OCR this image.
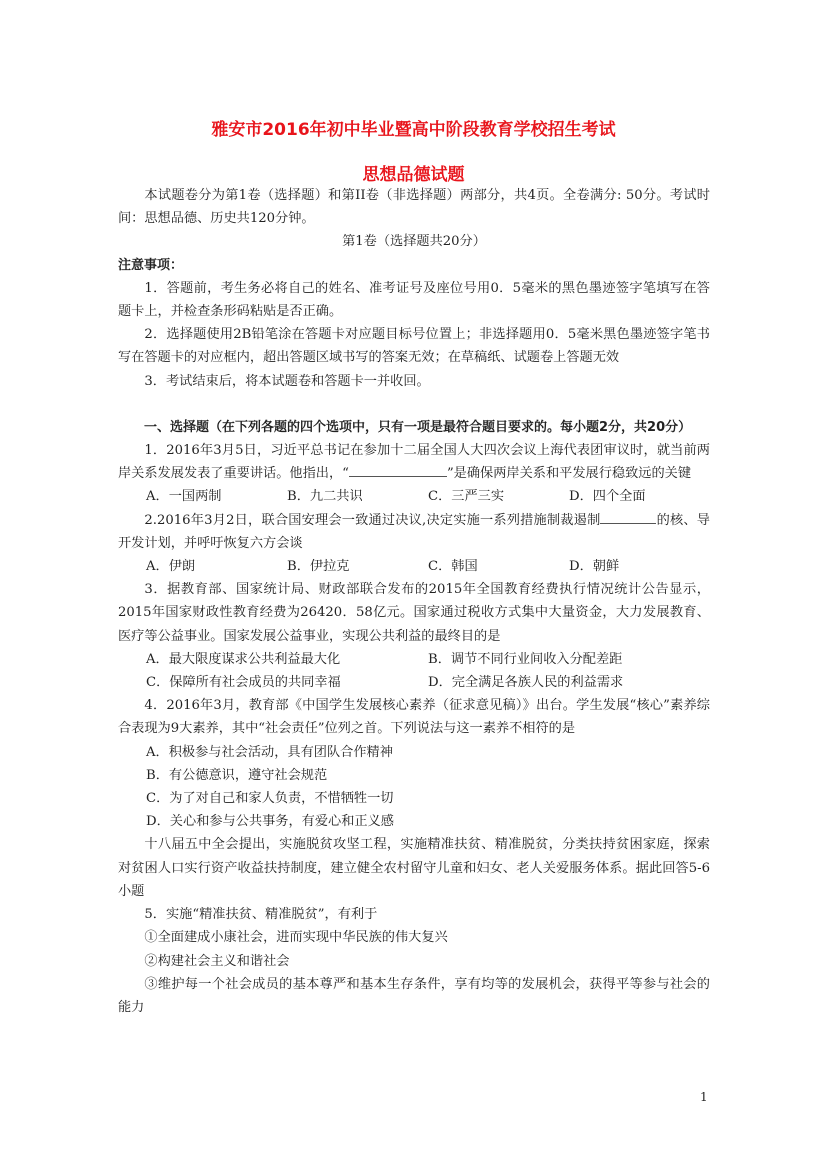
雅安市2016年初中毕业暨高中阶段教育学校招生考试
思想品德试题

本试题卷分为第1卷（选择题）和第II卷（非选择题）两部分，共4页。全卷满分: 50分。考试时间：思想品德、历史共120分钟。

第1卷（选择题共20分）

注意事项：

1．答题前，考生务必将自己的姓名、准考证号及座位号用0．5毫米的黑色墨迹签字笔填写在答题卡上，并检查条形码粘贴是否正确。

2．选择题使用2B铅笔涂在答题卡对应题目标号位置上；非选择题用0．5毫米黑色墨迹签字笔书写在答题卡的对应框内，超出答题区域书写的答案无效；在草稿纸、试题卷上答题无效

3．考试结束后，将本试题卷和答题卡一并收回。

一、选择题（在下列各题的四个选项中，只有一项是最符合题目要求的。每小题2分，共20分）

1．2016年3月5日，习近平总书记在参加十二届全国人大四次会议上海代表团审议时，就当前两岸关系发展发表了重要讲话。他指出，“	”是确保两岸关系和平发展行稳致远的关键

A．一国两制	B．九二共识	C．三严三实	D．四个全面

2.2016年3月2日，联合国安理会一致通过决议,决定实施一系列措施制裁遏制	的核、导开发计划，并呼吁恢复六方会谈

A．伊朗	B．伊拉克	C．韩国	D．朝鲜

3．据教育部、国家统计局、财政部联合发布的2015年全国教育经费执行情况统计公告显示，2015年国家财政性教育经费为26420．58亿元。国家通过税收方式集中大量资金，大力发展教育、医疗等公益事业。国家发展公益事业，实现公共利益的最终目的是

A．最大限度谋求公共利益最大化	B．调节不同行业间收入分配差距
C．保障所有社会成员的共同幸福	D．完全满足各族人民的利益需求

4．2016年3月，教育部《中国学生发展核心素养（征求意见稿）》出台。学生发展“核心”素养综合表现为9大素养，其中“社会责任”位列之首。下列说法与这一素养不相符的是

A．积极参与社会活动，具有团队合作精神

B．有公德意识，遵守社会规范

C．为了对自己和家人负责，不惜牺牲一切

D．关心和参与公共事务，有爱心和正义感

十八届五中全会提出，实施脱贫攻坚工程，实施精准扶贫、精准脱贫，分类扶持贫困家庭，探索对贫困人口实行资产收益扶持制度，建立健全农村留守儿童和妇女、老人关爱服务体系。据此回答5-6小题

5．实施“精准扶贫、精准脱贫”，有利于

①全面建成小康社会，进而实现中华民族的伟大复兴

②构建社会主义和谐社会

③维护每一个社会成员的基本尊严和基本生存条件，享有均等的发展机会，获得平等参与社会的能力

1
